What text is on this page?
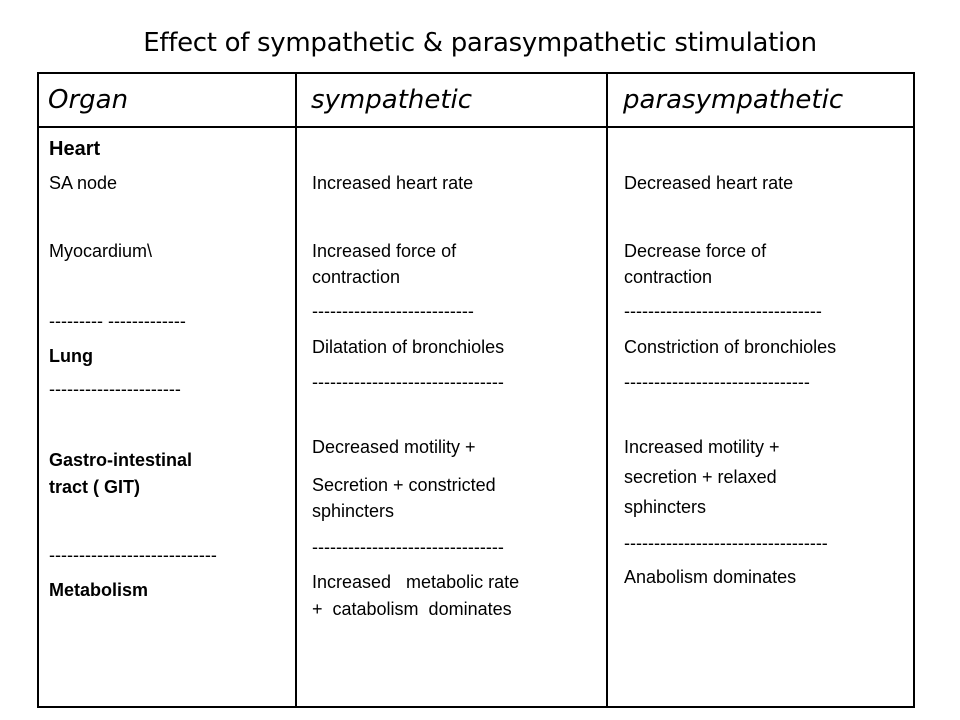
Effect of sympathetic & parasympathetic stimulation
Organ	sympathetic	parasympathetic
Heart
SA node
Myocardium\
--------- -------------
Lung
----------------------
Gastro-intestinal
tract ( GIT)
----------------------------
Metabolism
Increased heart rate
Increased force of
contraction
---------------------------
Dilatation of bronchioles
--------------------------------
Decreased motility +
Secretion + constricted
sphincters
--------------------------------
Increased   metabolic rate
+  catabolism  dominates
Decreased heart rate
Decrease force of
contraction
---------------------------------
Constriction of bronchioles
-------------------------------
Increased motility +
secretion + relaxed
sphincters
----------------------------------
Anabolism dominates
